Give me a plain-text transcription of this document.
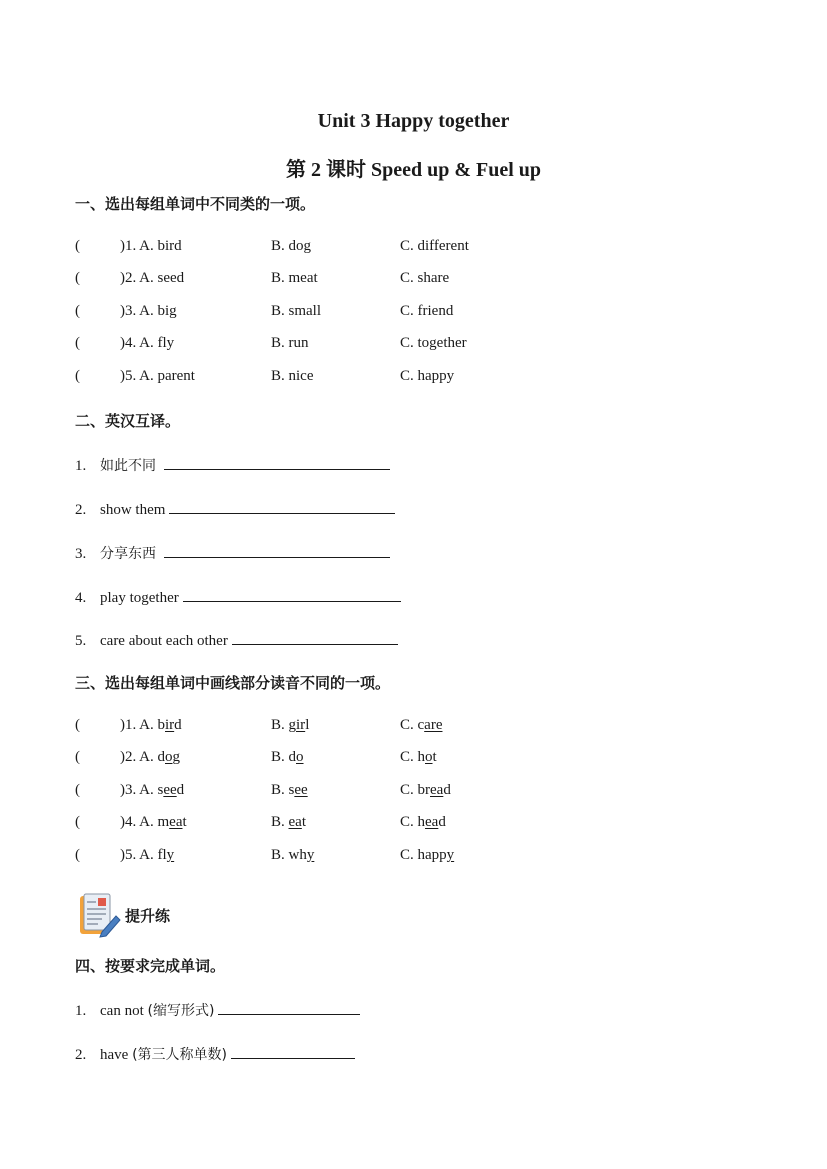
Unit 3 Happy together
第 2 课时 Speed up & Fuel up
一、选出每组单词中不同类的一项。
(	)1. A. bird	B. dog	C. different
(	)2. A. seed	B. meat	C. share
(	)3. A. big	B. small	C. friend
(	)4. A. fly	B. run	C. together
(	)5. A. parent	B. nice	C. happy
二、英汉互译。
1. 如此不同
2. show them
3. 分享东西
4. play together
5. care about each other
三、选出每组单词中画线部分读音不同的一项。
(	)1. A. bird	B. girl	C. care
(	)2. A. dog	B. do	C. hot
(	)3. A. seed	B. see	C. bread
(	)4. A. meat	B. eat	C. head
(	)5. A. fly	B. why	C. happy
提升练
四、按要求完成单词。
1. can not (缩写形式)
2. have (第三人称单数)
